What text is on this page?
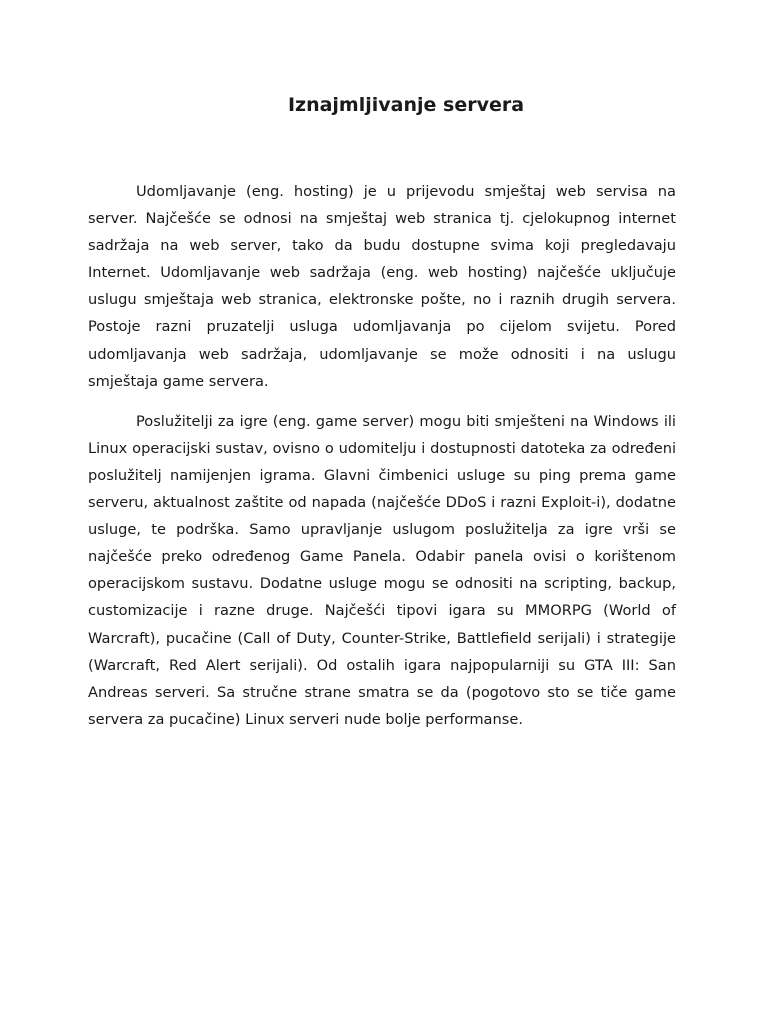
Iznajmljivanje servera

Udomljavanje (eng. hosting) je u prijevodu smještaj web servisa na server. Najčešće se odnosi na smještaj web stranica tj. cjelokupnog internet sadržaja na web server, tako da budu dostupne svima koji pregledavaju Internet. Udomljavanje web sadržaja (eng. web hosting) najčešće uključuje uslugu smještaja web stranica, elektronske pošte, no i raznih drugih servera. Postoje razni pruzatelji usluga udomljavanja po cijelom svijetu. Pored udomljavanja web sadržaja, udomljavanje se može odnositi i na uslugu smještaja game servera.

Poslužitelji za igre (eng. game server) mogu biti smješteni na Windows ili Linux operacijski sustav, ovisno o udomitelju i dostupnosti datoteka za određeni poslužitelj namijenjen igrama. Glavni čimbenici usluge su ping prema game serveru, aktualnost zaštite od napada (najčešće DDoS i razni Exploit-i), dodatne usluge, te podrška. Samo upravljanje uslugom poslužitelja za igre vrši se najčešće preko određenog Game Panela. Odabir panela ovisi o korištenom operacijskom sustavu. Dodatne usluge mogu se odnositi na scripting, backup, customizacije i razne druge. Najčešći tipovi igara su MMORPG (World of Warcraft), pucačine (Call of Duty, Counter-Strike, Battlefield serijali) i strategije (Warcraft, Red Alert serijali). Od ostalih igara najpopularniji su GTA III: San Andreas serveri. Sa stručne strane smatra se da (pogotovo sto se tiče game servera za pucačine) Linux serveri nude bolje performanse.
